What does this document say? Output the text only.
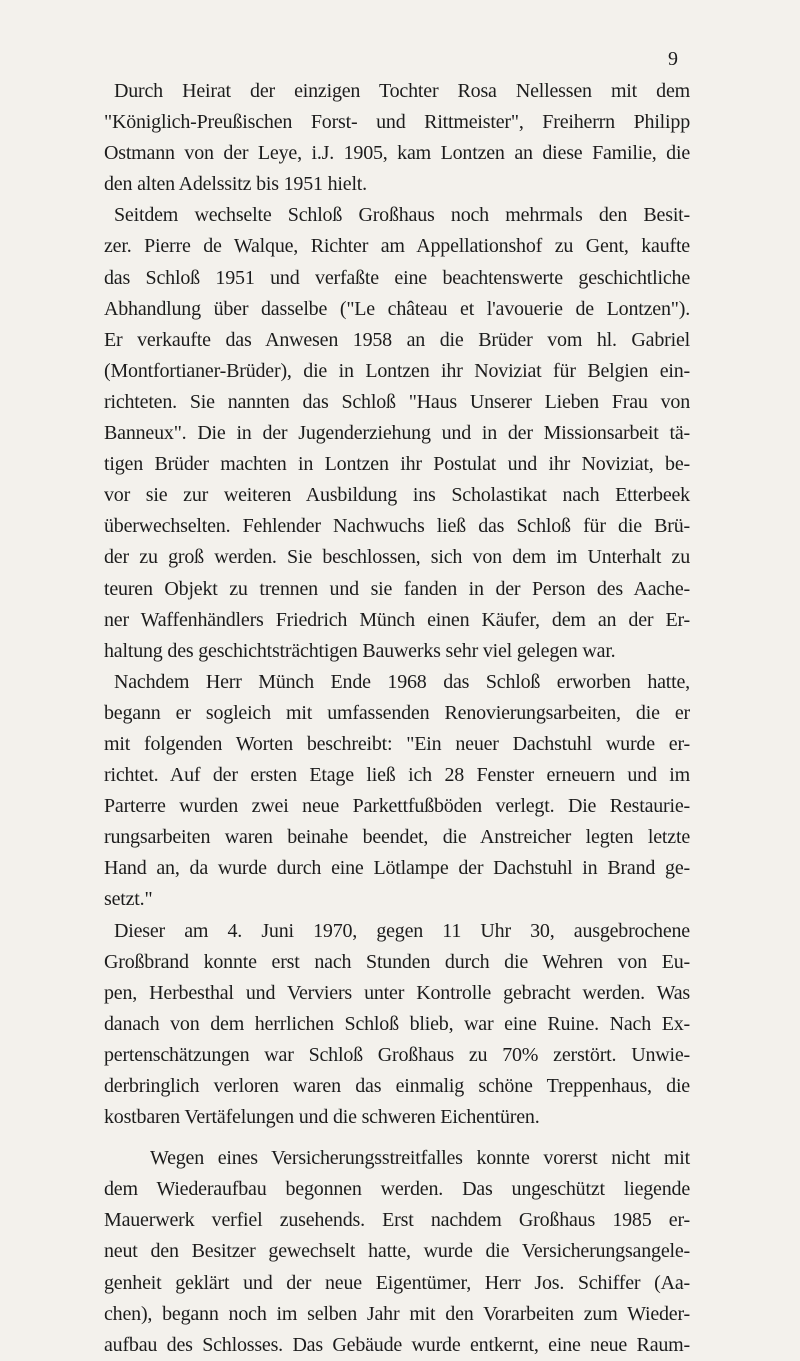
9
Durch Heirat der einzigen Tochter Rosa Nellessen mit dem
"Königlich-Preußischen Forst- und Rittmeister", Freiherrn Philipp
Ostmann von der Leye, i.J. 1905, kam Lontzen an diese Familie, die
den alten Adelssitz bis 1951 hielt.
Seitdem wechselte Schloß Großhaus noch mehrmals den Besit-
zer. Pierre de Walque, Richter am Appellationshof zu Gent, kaufte
das Schloß 1951 und verfaßte eine beachtenswerte geschichtliche
Abhandlung über dasselbe ("Le château et l'avouerie de Lontzen").
Er verkaufte das Anwesen 1958 an die Brüder vom hl. Gabriel
(Montfortianer-Brüder), die in Lontzen ihr Noviziat für Belgien ein-
richteten. Sie nannten das Schloß "Haus Unserer Lieben Frau von
Banneux". Die in der Jugenderziehung und in der Missionsarbeit tä-
tigen Brüder machten in Lontzen ihr Postulat und ihr Noviziat, be-
vor sie zur weiteren Ausbildung ins Scholastikat nach Etterbeek
überwechselten. Fehlender Nachwuchs ließ das Schloß für die Brü-
der zu groß werden. Sie beschlossen, sich von dem im Unterhalt zu
teuren Objekt zu trennen und sie fanden in der Person des Aache-
ner Waffenhändlers Friedrich Münch einen Käufer, dem an der Er-
haltung des geschichtsträchtigen Bauwerks sehr viel gelegen war.
Nachdem Herr Münch Ende 1968 das Schloß erworben hatte,
begann er sogleich mit umfassenden Renovierungsarbeiten, die er
mit folgenden Worten beschreibt: "Ein neuer Dachstuhl wurde er-
richtet. Auf der ersten Etage ließ ich 28 Fenster erneuern und im
Parterre wurden zwei neue Parkettfußböden verlegt. Die Restaurie-
rungsarbeiten waren beinahe beendet, die Anstreicher legten letzte
Hand an, da wurde durch eine Lötlampe der Dachstuhl in Brand ge-
setzt."
Dieser am 4. Juni 1970, gegen 11 Uhr 30, ausgebrochene
Großbrand konnte erst nach Stunden durch die Wehren von Eu-
pen, Herbesthal und Verviers unter Kontrolle gebracht werden. Was
danach von dem herrlichen Schloß blieb, war eine Ruine. Nach Ex-
pertenschätzungen war Schloß Großhaus zu 70% zerstört. Unwie-
derbringlich verloren waren das einmalig schöne Treppenhaus, die
kostbaren Vertäfelungen und die schweren Eichentüren.
Wegen eines Versicherungsstreitfalles konnte vorerst nicht mit
dem Wiederaufbau begonnen werden. Das ungeschützt liegende
Mauerwerk verfiel zusehends. Erst nachdem Großhaus 1985 er-
neut den Besitzer gewechselt hatte, wurde die Versicherungsangele-
genheit geklärt und der neue Eigentümer, Herr Jos. Schiffer (Aa-
chen), begann noch im selben Jahr mit den Vorarbeiten zum Wieder-
aufbau des Schlosses. Das Gebäude wurde entkernt, eine neue Raum-
